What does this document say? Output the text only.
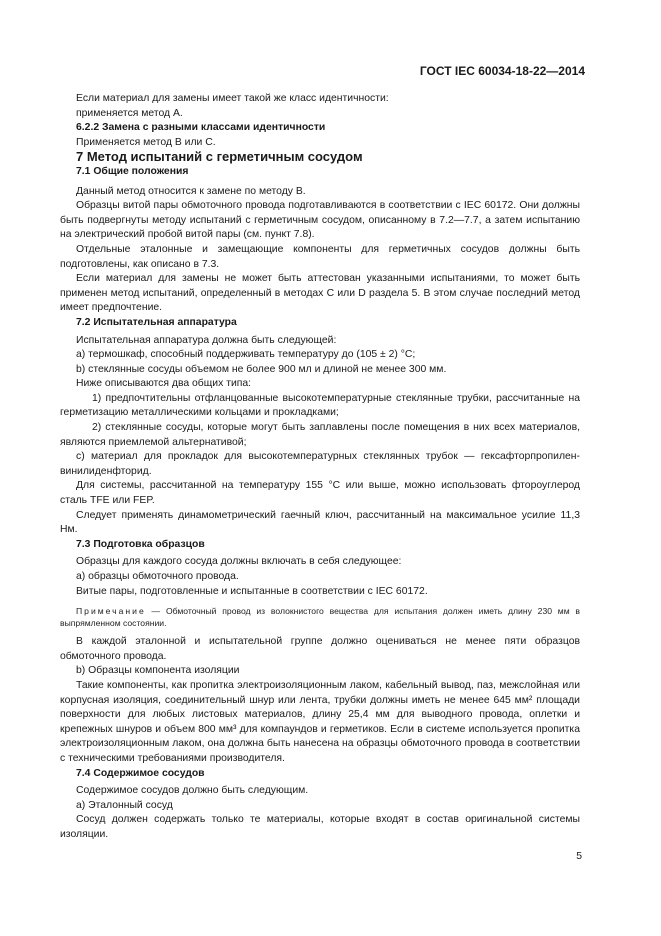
ГОСТ IEC 60034-18-22—2014

Если материал для замены имеет такой же класс идентичности:

применяется метод А.

6.2.2 Замена с разными классами идентичности

Применяется метод В или С.

7 Метод испытаний с герметичным сосудом

7.1 Общие положения

Данный метод относится к замене по методу В.

Образцы витой пары обмоточного провода подготавливаются в соответствии с IEC 60172. Они должны быть подвергнуты методу испытаний с герметичным сосудом, описанному в 7.2—7.7, а затем испытанию на электрический пробой витой пары (см. пункт 7.8).

Отдельные эталонные и замещающие компоненты для герметичных сосудов должны быть подготовлены, как описано в 7.3.

Если материал для замены не может быть аттестован указанными испытаниями, то может быть применен метод испытаний, определенный в методах С или D раздела 5. В этом случае последний метод имеет предпочтение.

7.2 Испытательная аппаратура

Испытательная аппаратура должна быть следующей:

а) термошкаф, способный поддерживать температуру до (105 ± 2) °С;

b) стеклянные сосуды объемом не более 900 мл и длиной не менее 300 мм.

Ниже описываются два общих типа:

1) предпочтительны отфланцованные высокотемпературные стеклянные трубки, рассчитанные на герметизацию металлическими кольцами и прокладками;

2) стеклянные сосуды, которые могут быть заплавлены после помещения в них всех материалов, являются приемлемой альтернативой;

с) материал для прокладок для высокотемпературных стеклянных трубок — гексафторпропилен-винилиденфторид.

Для системы, рассчитанной на температуру 155 °С или выше, можно использовать фтороуглерод сталь TFE или FEP.

Следует применять динамометрический гаечный ключ, рассчитанный на максимальное усилие 11,3 Нм.

7.3 Подготовка образцов

Образцы для каждого сосуда должны включать в себя следующее:

а) образцы обмоточного провода.

Витые пары, подготовленные и испытанные в соответствии с IEC 60172.

Примечание — Обмоточный провод из волокнистого вещества для испытания должен иметь длину 230 мм в выпрямленном состоянии.

В каждой эталонной и испытательной группе должно оцениваться не менее пяти образцов обмоточного провода.

b) Образцы компонента изоляции

Такие компоненты, как пропитка электроизоляционным лаком, кабельный вывод, паз, межслойная или корпусная изоляция, соединительный шнур или лента, трубки должны иметь не менее 645 мм² площади поверхности для любых листовых материалов, длину 25,4 мм для выводного провода, оплетки и крепежных шнуров и объем 800 мм³ для компаундов и герметиков. Если в системе используется пропитка электроизоляционным лаком, она должна быть нанесена на образцы обмоточного провода в соответствии с техническими требованиями производителя.

7.4 Содержимое сосудов

Содержимое сосудов должно быть следующим.

а) Эталонный сосуд

Сосуд должен содержать только те материалы, которые входят в состав оригинальной системы изоляции.

5
